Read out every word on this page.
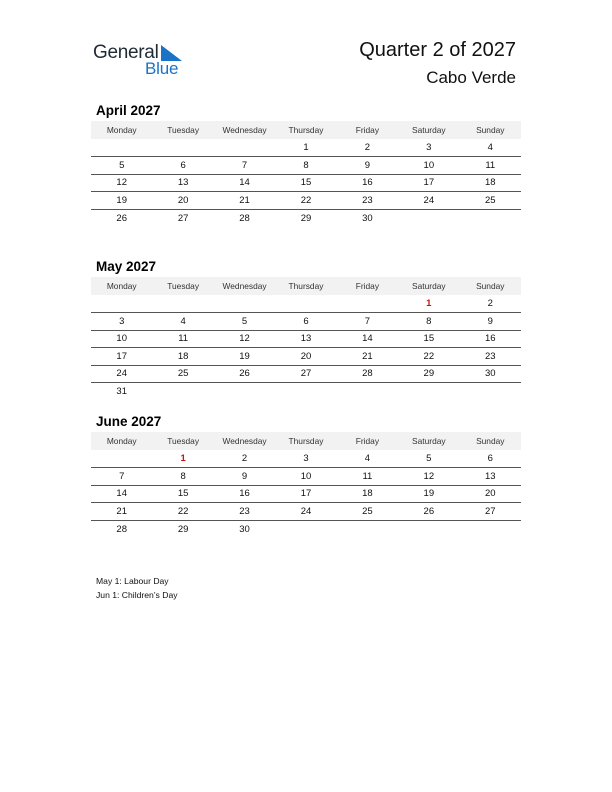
General
Blue
Quarter 2 of 2027
Cabo Verde
April 2027
Monday	Tuesday	Wednesday	Thursday	Friday	Saturday	Sunday
			1	2	3	4
5	6	7	8	9	10	11
12	13	14	15	16	17	18
19	20	21	22	23	24	25
26	27	28	29	30		
May 2027
Monday	Tuesday	Wednesday	Thursday	Friday	Saturday	Sunday
					1	2
3	4	5	6	7	8	9
10	11	12	13	14	15	16
17	18	19	20	21	22	23
24	25	26	27	28	29	30
31						
June 2027
Monday	Tuesday	Wednesday	Thursday	Friday	Saturday	Sunday
	1	2	3	4	5	6
7	8	9	10	11	12	13
14	15	16	17	18	19	20
21	22	23	24	25	26	27
28	29	30				
May 1: Labour Day
Jun 1: Children’s Day
